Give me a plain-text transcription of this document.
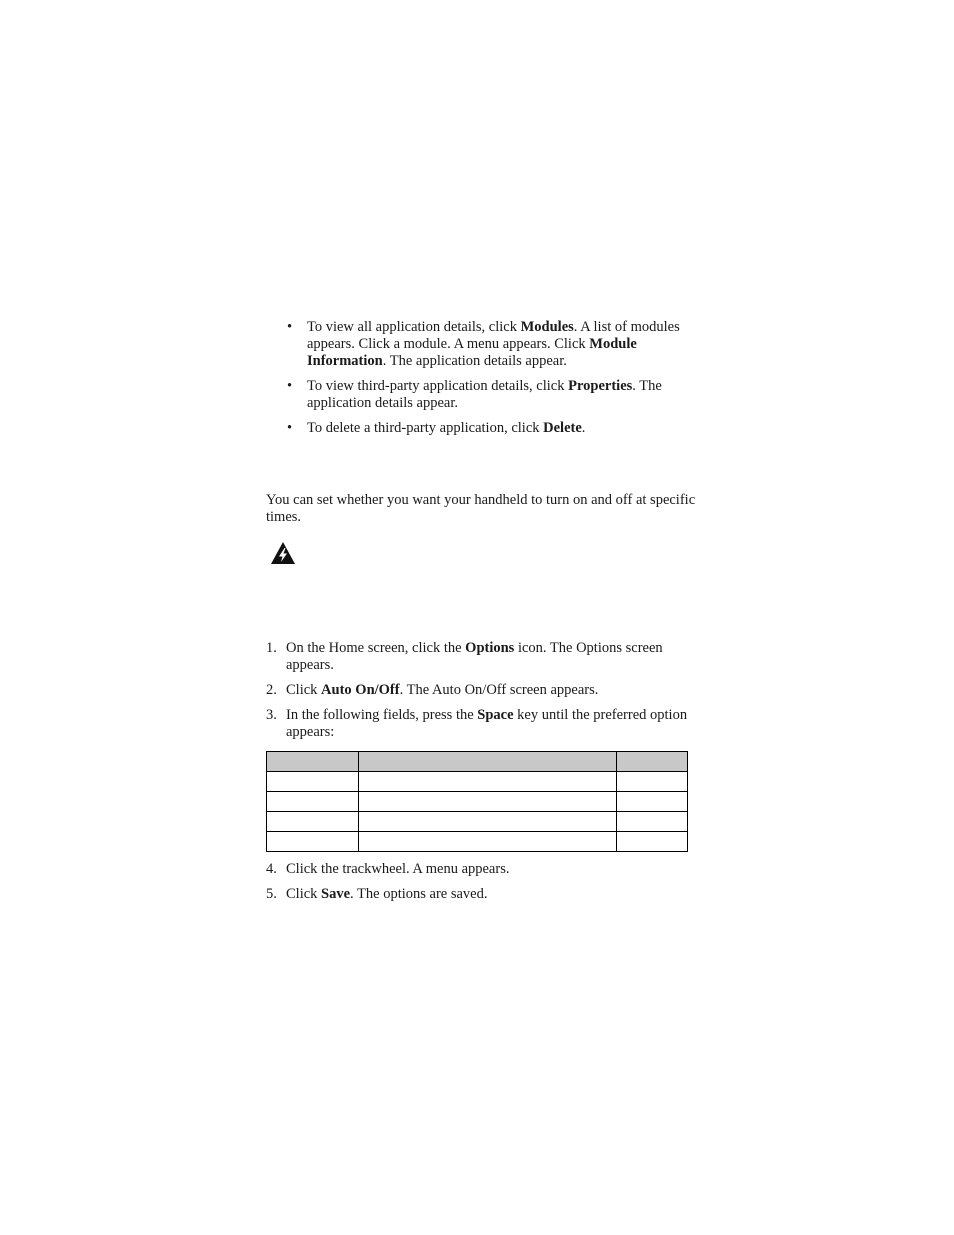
• To view all application details, click Modules. A list of modules appears. Click a module. A menu appears. Click Module Information. The application details appear.
• To view third-party application details, click Properties. The application details appear.
• To delete a third-party application, click Delete.
You can set whether you want your handheld to turn on and off at specific times.
1. On the Home screen, click the Options icon. The Options screen appears.
2. Click Auto On/Off. The Auto On/Off screen appears.
3. In the following fields, press the Space key until the preferred option appears:

4. Click the trackwheel. A menu appears.
5. Click Save. The options are saved.
